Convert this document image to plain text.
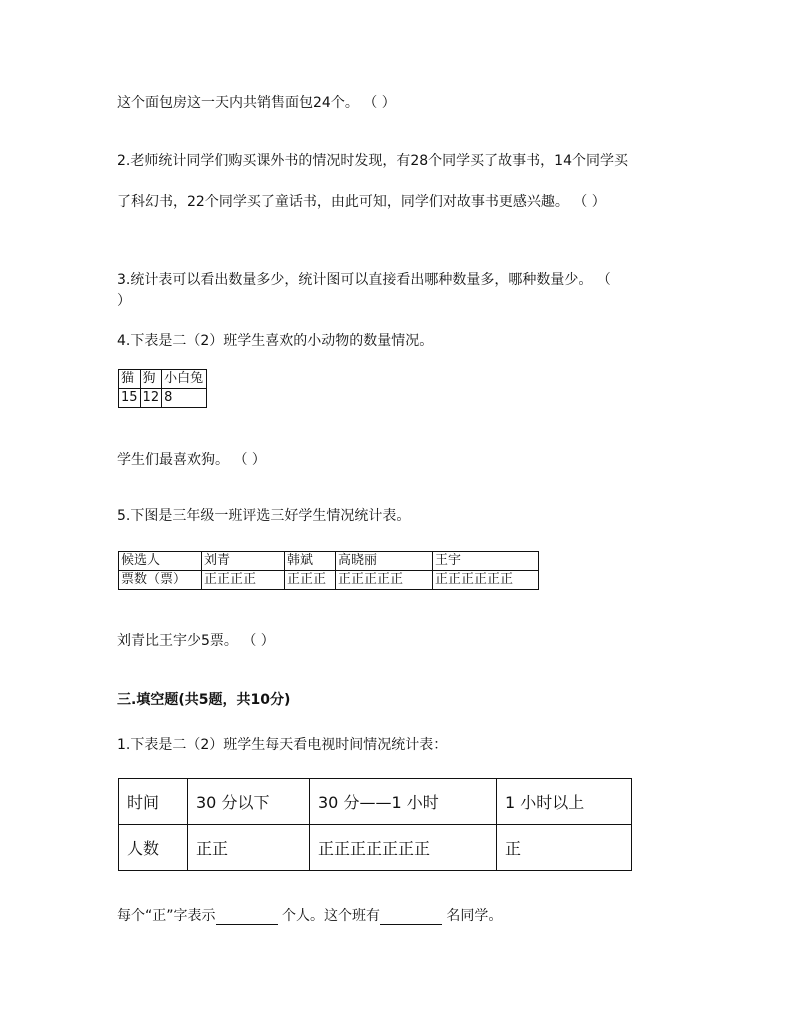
这个面包房这一天内共销售面包24个。 （ ）
2.老师统计同学们购买课外书的情况时发现，有28个同学买了故事书，14个同学买
了科幻书，22个同学买了童话书，由此可知，同学们对故事书更感兴趣。 （ ）
3.统计表可以看出数量多少，统计图可以直接看出哪种数量多，哪种数量少。 （
）
4.下表是二（2）班学生喜欢的小动物的数量情况。
猫	狗	小白兔
15	12	8
学生们最喜欢狗。 （ ）
5.下图是三年级一班评选三好学生情况统计表。
候选人	刘青	韩斌	高晓丽	王宇
票数（票）	正正正正	正正正	正正正正正	正正正正正正
刘青比王宇少5票。 （ ）
三.填空题(共5题，共10分)
1.下表是二（2）班学生每天看电视时间情况统计表：
时间	30 分以下	30 分——1 小时	1 小时以上
人数	正正	正正正正正正正	正
每个“正”字表示	个人。这个班有	名同学。
